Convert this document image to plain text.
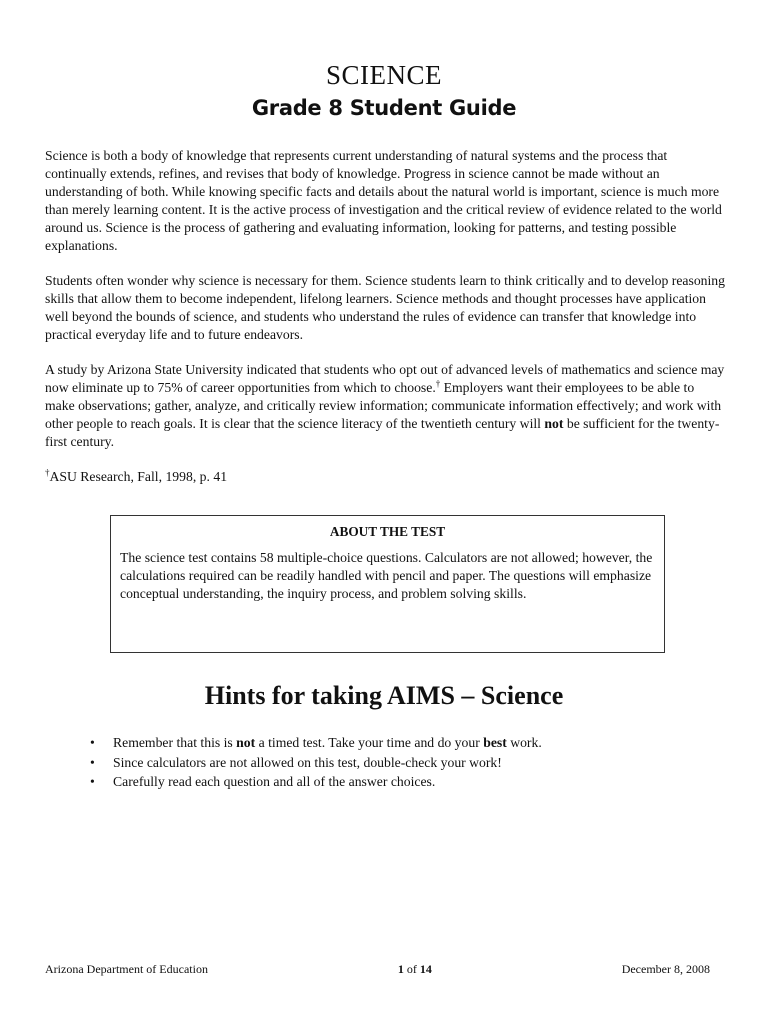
SCIENCE
Grade 8 Student Guide

Science is both a body of knowledge that represents current understanding of natural systems and the process that continually extends, refines, and revises that body of knowledge. Progress in science cannot be made without an understanding of both. While knowing specific facts and details about the natural world is important, science is much more than merely learning content. It is the active process of investigation and the critical review of evidence related to the world around us. Science is the process of gathering and evaluating information, looking for patterns, and testing possible explanations.

Students often wonder why science is necessary for them. Science students learn to think critically and to develop reasoning skills that allow them to become independent, lifelong learners. Science methods and thought processes have application well beyond the bounds of science, and students who understand the rules of evidence can transfer that knowledge into practical everyday life and to future endeavors.

A study by Arizona State University indicated that students who opt out of advanced levels of mathematics and science may now eliminate up to 75% of career opportunities from which to choose.† Employers want their employees to be able to make observations; gather, analyze, and critically review information; communicate information effectively; and work with other people to reach goals. It is clear that the science literacy of the twentieth century will not be sufficient for the twenty-first century.

†ASU Research, Fall, 1998, p. 41

ABOUT THE TEST

The science test contains 58 multiple-choice questions. Calculators are not allowed; however, the calculations required can be readily handled with pencil and paper. The questions will emphasize conceptual understanding, the inquiry process, and problem solving skills.

Hints for taking AIMS – Science
• Remember that this is not a timed test. Take your time and do your best work.
• Since calculators are not allowed on this test, double-check your work!
• Carefully read each question and all of the answer choices.
Arizona Department of Education	1 of 14	December 8, 2008
